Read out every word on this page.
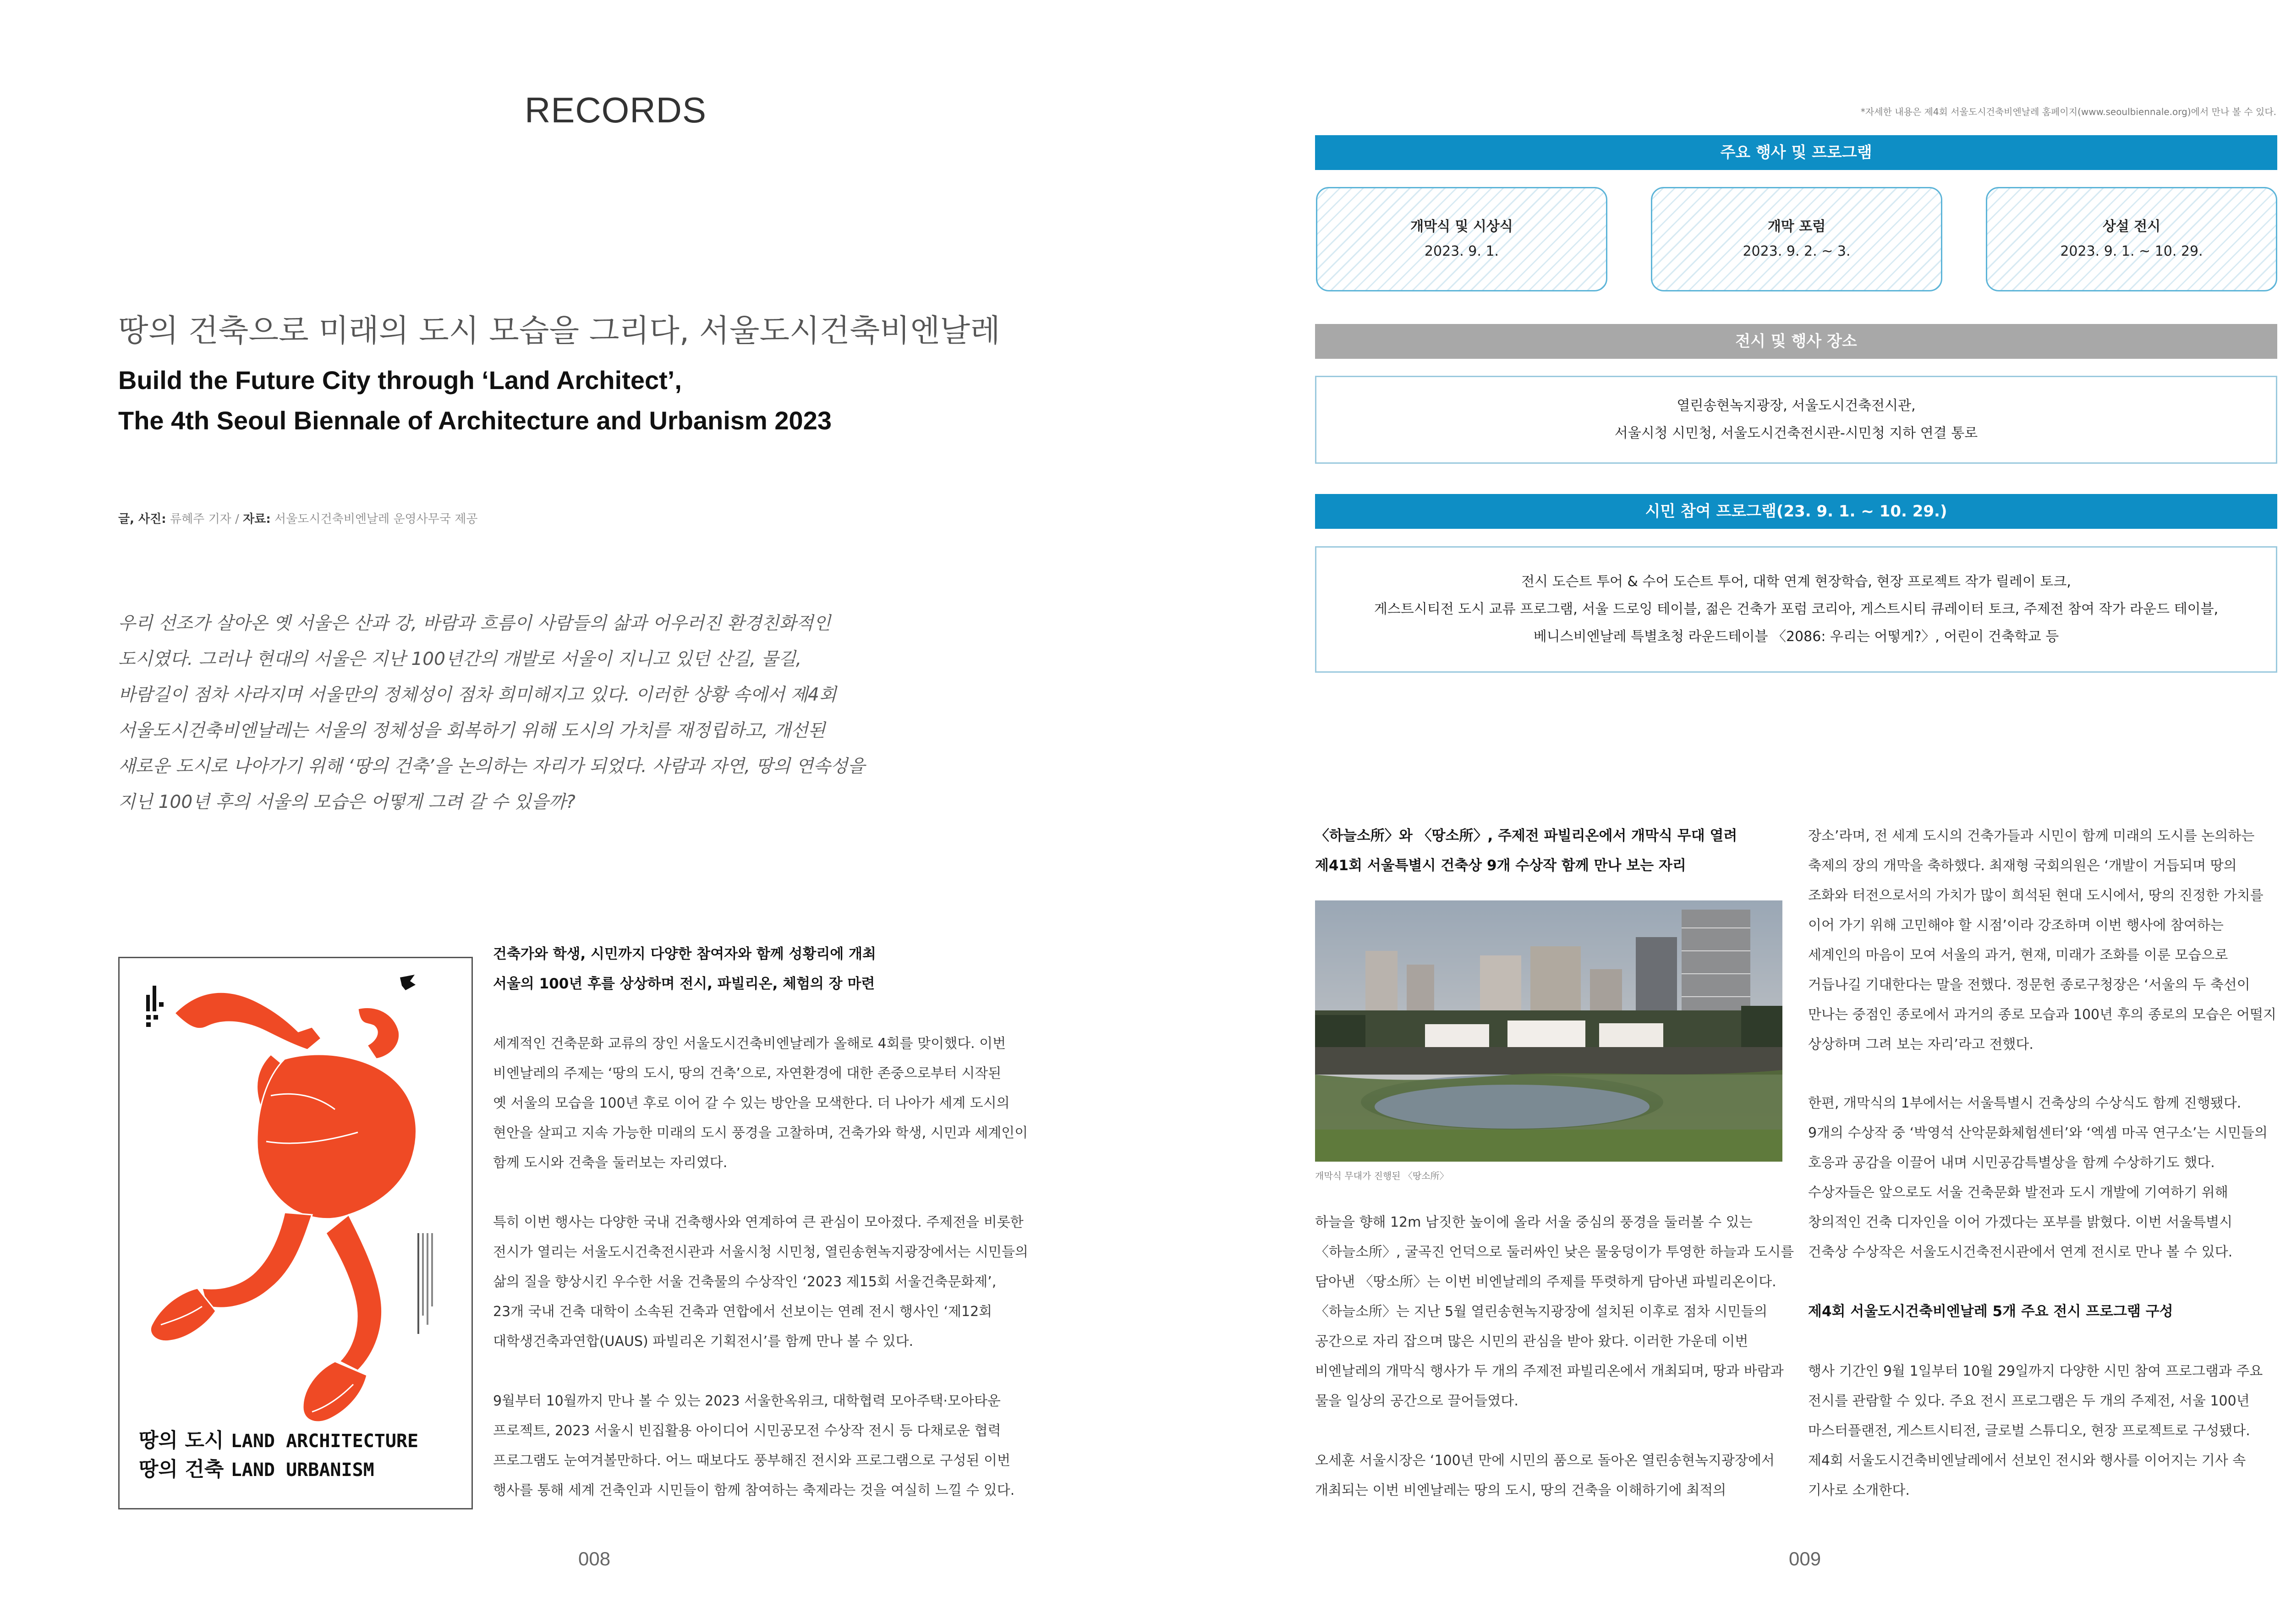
RECORDS
땅의 건축으로 미래의 도시 모습을 그리다, 서울도시건축비엔날레
Build the Future City through ‘Land Architect’,
The 4th Seoul Biennale of Architecture and Urbanism 2023
글, 사진: 류혜주 기자 / 자료: 서울도시건축비엔날레 운영사무국 제공
우리 선조가 살아온 옛 서울은 산과 강, 바람과 흐름이 사람들의 삶과 어우러진 환경친화적인
도시였다. 그러나 현대의 서울은 지난 100년간의 개발로 서울이 지니고 있던 산길, 물길,
바람길이 점차 사라지며 서울만의 정체성이 점차 희미해지고 있다. 이러한 상황 속에서 제4회
서울도시건축비엔날레는 서울의 정체성을 회복하기 위해 도시의 가치를 재정립하고, 개선된
새로운 도시로 나아가기 위해 ‘땅의 건축’을 논의하는 자리가 되었다. 사람과 자연, 땅의 연속성을
지닌 100년 후의 서울의 모습은 어떻게 그려 갈 수 있을까?
땅의 도시 LAND ARCHITECTURE
땅의 건축 LAND URBANISM
건축가와 학생, 시민까지 다양한 참여자와 함께 성황리에 개최
서울의 100년 후를 상상하며 전시, 파빌리온, 체험의 장 마련
세계적인 건축문화 교류의 장인 서울도시건축비엔날레가 올해로 4회를 맞이했다. 이번
비엔날레의 주제는 ‘땅의 도시, 땅의 건축’으로, 자연환경에 대한 존중으로부터 시작된
옛 서울의 모습을 100년 후로 이어 갈 수 있는 방안을 모색한다. 더 나아가 세계 도시의
현안을 살피고 지속 가능한 미래의 도시 풍경을 고찰하며, 건축가와 학생, 시민과 세계인이
함께 도시와 건축을 둘러보는 자리였다.
특히 이번 행사는 다양한 국내 건축행사와 연계하여 큰 관심이 모아졌다. 주제전을 비롯한
전시가 열리는 서울도시건축전시관과 서울시청 시민청, 열린송현녹지광장에서는 시민들의
삶의 질을 향상시킨 우수한 서울 건축물의 수상작인 ‘2023 제15회 서울건축문화제’,
23개 국내 건축 대학이 소속된 건축과 연합에서 선보이는 연례 전시 행사인 ‘제12회
대학생건축과연합(UAUS) 파빌리온 기획전시’를 함께 만나 볼 수 있다.
9월부터 10월까지 만나 볼 수 있는 2023 서울한옥위크, 대학협력 모아주택·모아타운
프로젝트, 2023 서울시 빈집활용 아이디어 시민공모전 수상작 전시 등 다채로운 협력
프로그램도 눈여겨볼만하다. 어느 때보다도 풍부해진 전시와 프로그램으로 구성된 이번
행사를 통해 세계 건축인과 시민들이 함께 참여하는 축제라는 것을 여실히 느낄 수 있다.
008
*자세한 내용은 제4회 서울도시건축비엔날레 홈페이지(www.seoulbiennale.org)에서 만나 볼 수 있다.
주요 행사 및 프로그램
개막식 및 시상식
2023. 9. 1.
개막 포럼
2023. 9. 2. ~ 3.
상설 전시
2023. 9. 1. ~ 10. 29.
전시 및 행사 장소
열린송현녹지광장, 서울도시건축전시관,
서울시청 시민청, 서울도시건축전시관-시민청 지하 연결 통로
시민 참여 프로그램(23. 9. 1. ~ 10. 29.)
전시 도슨트 투어 & 수어 도슨트 투어, 대학 연계 현장학습, 현장 프로젝트 작가 릴레이 토크,
게스트시티전 도시 교류 프로그램, 서울 드로잉 테이블, 젊은 건축가 포럼 코리아, 게스트시티 큐레이터 토크, 주제전 참여 작가 라운드 테이블,
베니스비엔날레 특별초청 라운드테이블 〈2086: 우리는 어떻게?〉, 어린이 건축학교 등
〈하늘소所〉와 〈땅소所〉, 주제전 파빌리온에서 개막식 무대 열려
제41회 서울특별시 건축상 9개 수상작 함께 만나 보는 자리
개막식 무대가 진행된 〈땅소所〉
하늘을 향해 12m 남짓한 높이에 올라 서울 중심의 풍경을 둘러볼 수 있는
〈하늘소所〉, 굴곡진 언덕으로 둘러싸인 낮은 물웅덩이가 투영한 하늘과 도시를
담아낸 〈땅소所〉는 이번 비엔날레의 주제를 뚜렷하게 담아낸 파빌리온이다.
〈하늘소所〉는 지난 5월 열린송현녹지광장에 설치된 이후로 점차 시민들의
공간으로 자리 잡으며 많은 시민의 관심을 받아 왔다. 이러한 가운데 이번
비엔날레의 개막식 행사가 두 개의 주제전 파빌리온에서 개최되며, 땅과 바람과
물을 일상의 공간으로 끌어들였다.
오세훈 서울시장은 ‘100년 만에 시민의 품으로 돌아온 열린송현녹지광장에서
개최되는 이번 비엔날레는 땅의 도시, 땅의 건축을 이해하기에 최적의
장소’라며, 전 세계 도시의 건축가들과 시민이 함께 미래의 도시를 논의하는
축제의 장의 개막을 축하했다. 최재형 국회의원은 ‘개발이 거듭되며 땅의
조화와 터전으로서의 가치가 많이 희석된 현대 도시에서, 땅의 진정한 가치를
이어 가기 위해 고민해야 할 시점’이라 강조하며 이번 행사에 참여하는
세계인의 마음이 모여 서울의 과거, 현재, 미래가 조화를 이룬 모습으로
거듭나길 기대한다는 말을 전했다. 정문헌 종로구청장은 ‘서울의 두 축선이
만나는 중점인 종로에서 과거의 종로 모습과 100년 후의 종로의 모습은 어떨지
상상하며 그려 보는 자리’라고 전했다.
한편, 개막식의 1부에서는 서울특별시 건축상의 수상식도 함께 진행됐다.
9개의 수상작 중 ‘박영석 산악문화체험센터’와 ‘엑셈 마곡 연구소’는 시민들의
호응과 공감을 이끌어 내며 시민공감특별상을 함께 수상하기도 했다.
수상자들은 앞으로도 서울 건축문화 발전과 도시 개발에 기여하기 위해
창의적인 건축 디자인을 이어 가겠다는 포부를 밝혔다. 이번 서울특별시
건축상 수상작은 서울도시건축전시관에서 연계 전시로 만나 볼 수 있다.
제4회 서울도시건축비엔날레 5개 주요 전시 프로그램 구성
행사 기간인 9월 1일부터 10월 29일까지 다양한 시민 참여 프로그램과 주요
전시를 관람할 수 있다. 주요 전시 프로그램은 두 개의 주제전, 서울 100년
마스터플랜전, 게스트시티전, 글로벌 스튜디오, 현장 프로젝트로 구성됐다.
제4회 서울도시건축비엔날레에서 선보인 전시와 행사를 이어지는 기사 속
기사로 소개한다.
009
